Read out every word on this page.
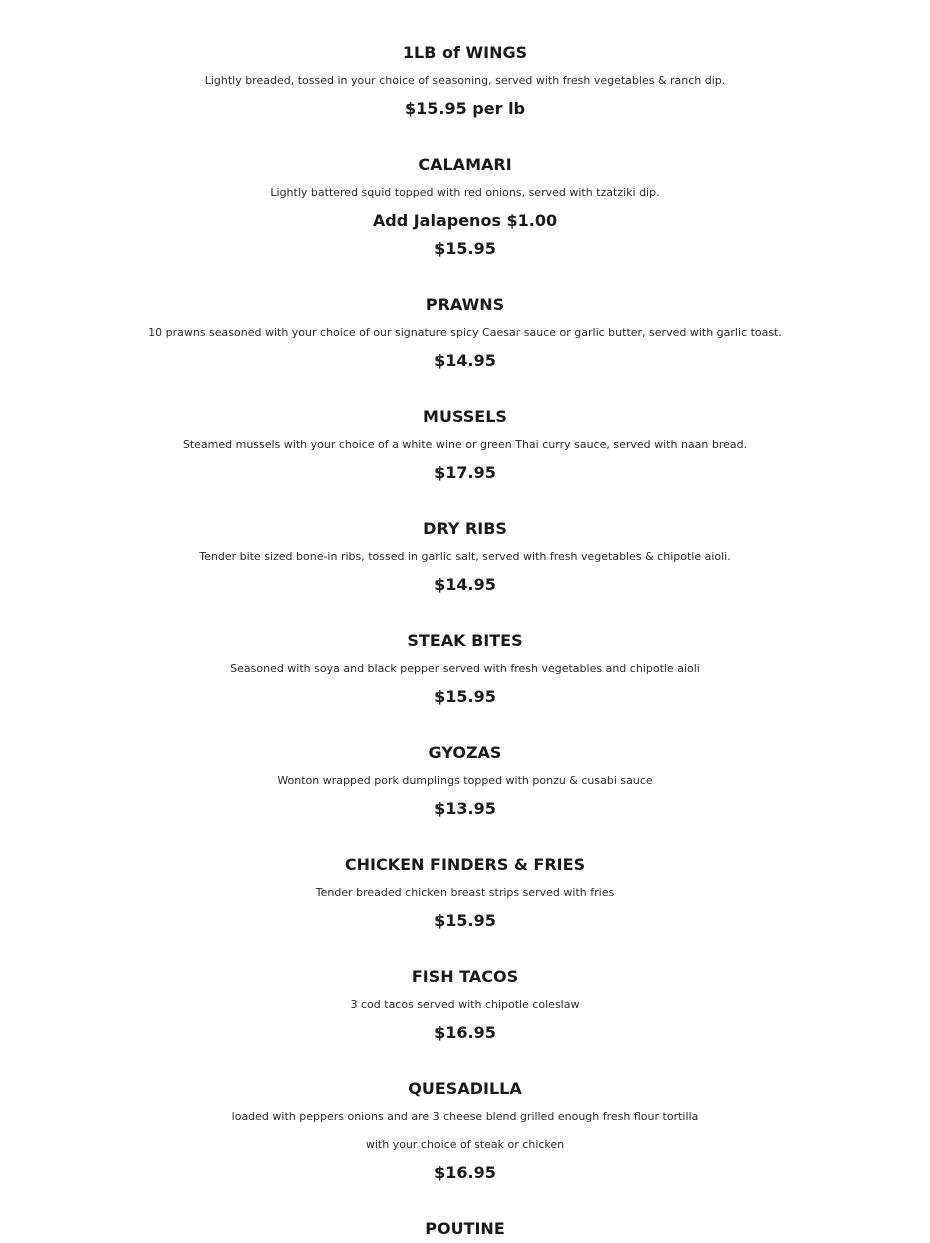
1LB of WINGS
Lightly breaded, tossed in your choice of seasoning, served with fresh vegetables & ranch dip.
$15.95 per lb
CALAMARI
Lightly battered squid topped with red onions, served with tzatziki dip.
Add Jalapenos $1.00
$15.95
PRAWNS
10 prawns seasoned with your choice of our signature spicy Caesar sauce or garlic butter, served with garlic toast.
$14.95
MUSSELS
Steamed mussels with your choice of a white wine or green Thai curry sauce, served with naan bread.
$17.95
DRY RIBS
Tender bite sized bone-in ribs, tossed in garlic salt, served with fresh vegetables & chipotle aioli.
$14.95
STEAK BITES
Seasoned with soya and black pepper served with fresh vegetables and chipotle aioli
$15.95
GYOZAS
Wonton wrapped pork dumplings topped with ponzu & cusabi sauce
$13.95
CHICKEN FINDERS & FRIES
Tender breaded chicken breast strips served with fries
$15.95
FISH TACOS
3 cod tacos served with chipotle coleslaw
$16.95
QUESADILLA
loaded with peppers onions and are 3 cheese blend grilled enough fresh flour tortilla
with your choice of steak or chicken
$16.95
POUTINE
